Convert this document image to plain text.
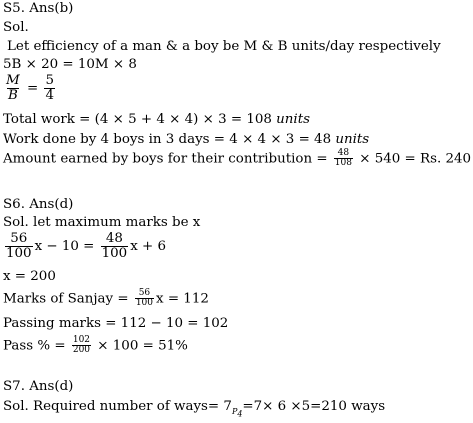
S5. Ans(b)
Sol.
Let efficiency of a man & a boy be M & B units/day respectively
5B × 20 = 10M × 8
$\frac{M}{B} = \frac{5}{4}$
Total work = (4 × 5 + 4 × 4) × 3 = 108 units
Work done by 4 boys in 3 days = 4 × 4 × 3 = 48 units
Amount earned by boys for their contribution = $\frac{48}{108} \times 540 = Rs$. 240
S6. Ans(d)
Sol. let maximum marks be x
$\frac{56}{100}$ $x - 10 = \frac{48}{100}$ x + 6
x = 200
Marks of Sanjay = $\frac{56}{100}$ x = 112
Passing marks = 112 − 10 = 102
Pass % = $\frac{102}{200} \times 100 = 51\%$
S7. Ans(d)
Sol. Required number of ways= $7_{P_4}=7\times 6 \times 5=210$ ways
